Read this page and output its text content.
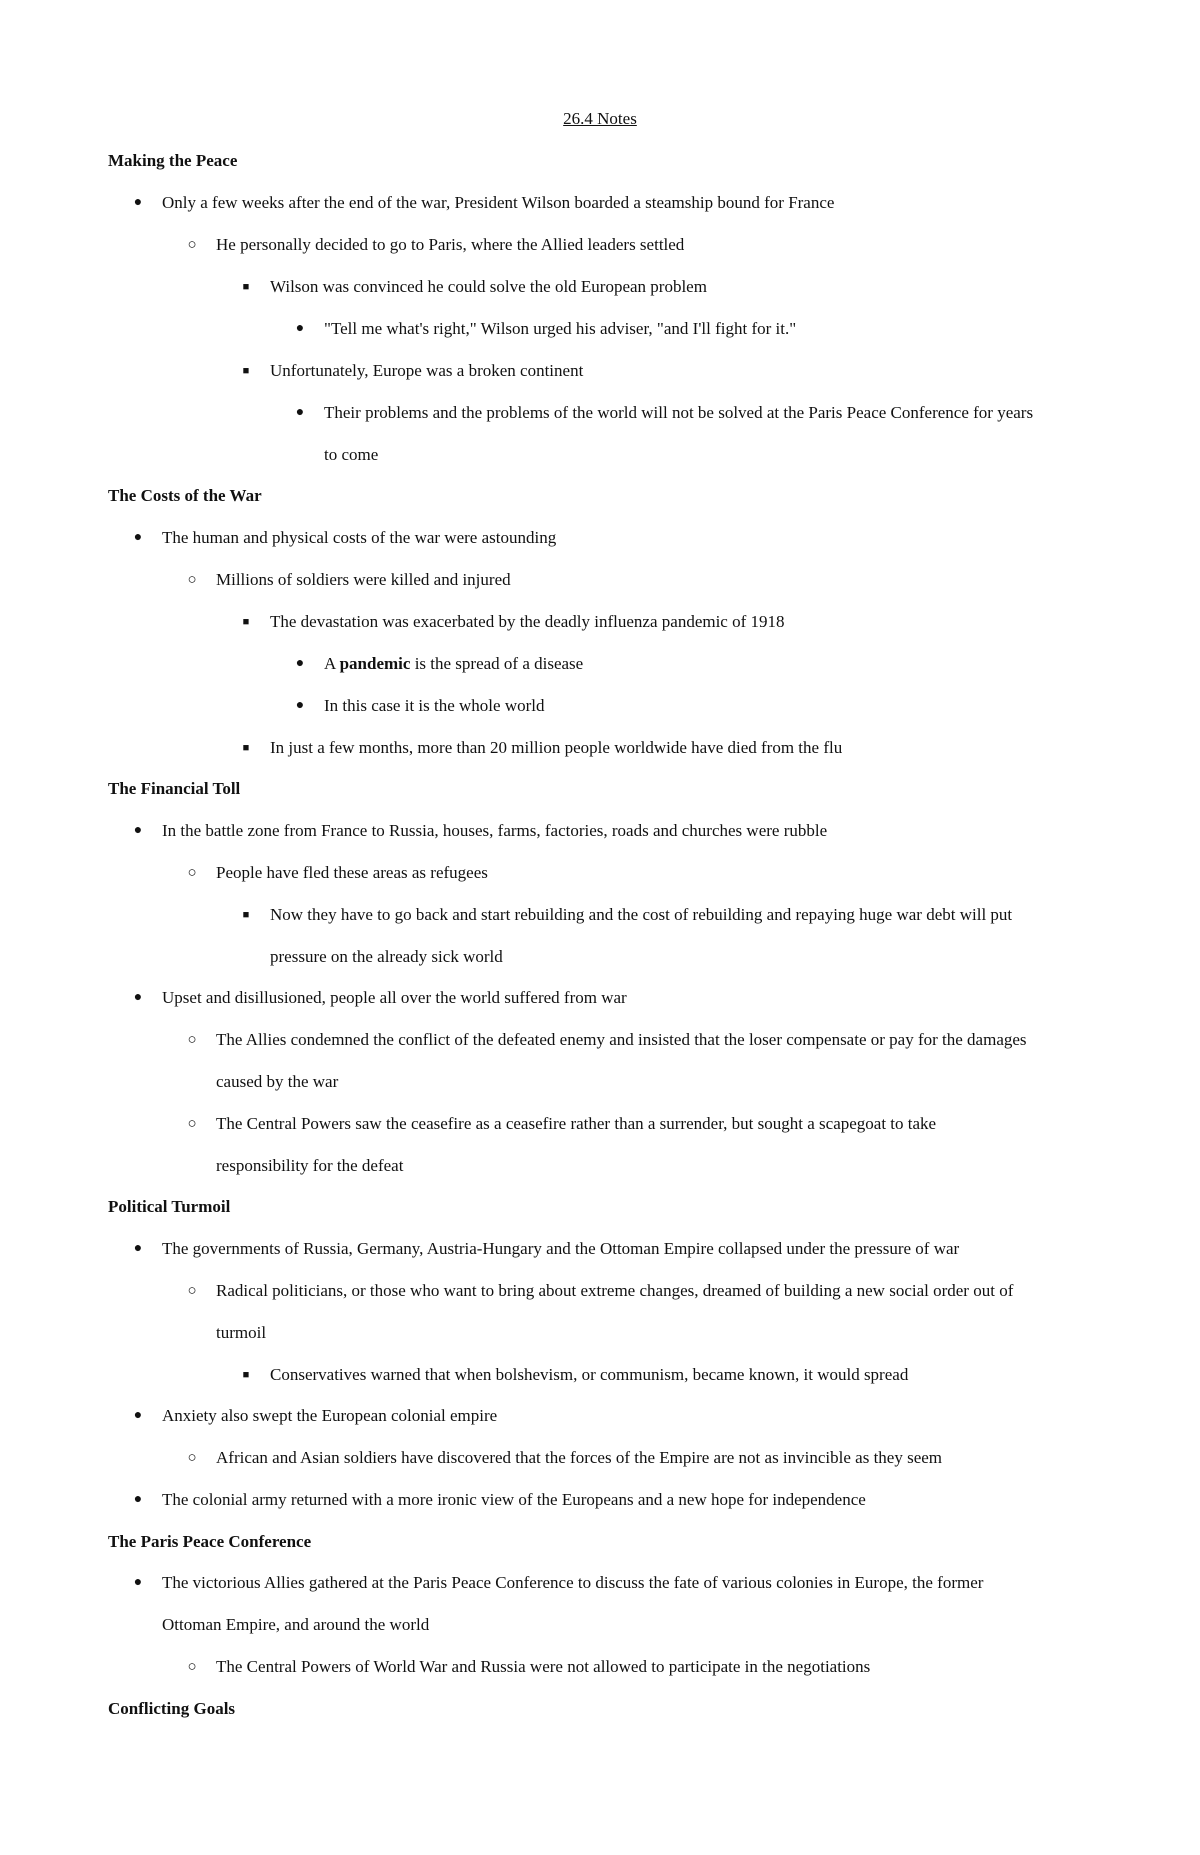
26.4 Notes
Making the Peace
●	Only a few weeks after the end of the war, President Wilson boarded a steamship bound for France
○	He personally decided to go to Paris, where the Allied leaders settled
■	Wilson was convinced he could solve the old European problem
●	"Tell me what's right," Wilson urged his adviser, "and I'll fight for it."
■	Unfortunately, Europe was a broken continent
●	Their problems and the problems of the world will not be solved at the Paris Peace Conference for years
to come
The Costs of the War
●	The human and physical costs of the war were astounding
○	Millions of soldiers were killed and injured
■	The devastation was exacerbated by the deadly influenza pandemic of 1918
●	A pandemic is the spread of a disease
●	In this case it is the whole world
■	In just a few months, more than 20 million people worldwide have died from the flu
The Financial Toll
●	In the battle zone from France to Russia, houses, farms, factories, roads and churches were rubble
○	People have fled these areas as refugees
■	Now they have to go back and start rebuilding and the cost of rebuilding and repaying huge war debt will put
pressure on the already sick world
●	Upset and disillusioned, people all over the world suffered from war
○	The Allies condemned the conflict of the defeated enemy and insisted that the loser compensate or pay for the damages
caused by the war
○	The Central Powers saw the ceasefire as a ceasefire rather than a surrender, but sought a scapegoat to take
responsibility for the defeat
Political Turmoil
●	The governments of Russia, Germany, Austria-Hungary and the Ottoman Empire collapsed under the pressure of war
○	Radical politicians, or those who want to bring about extreme changes, dreamed of building a new social order out of
turmoil
■	Conservatives warned that when bolshevism, or communism, became known, it would spread
●	Anxiety also swept the European colonial empire
○	African and Asian soldiers have discovered that the forces of the Empire are not as invincible as they seem
●	The colonial army returned with a more ironic view of the Europeans and a new hope for independence
The Paris Peace Conference
●	The victorious Allies gathered at the Paris Peace Conference to discuss the fate of various colonies in Europe, the former
Ottoman Empire, and around the world
○	The Central Powers of World War and Russia were not allowed to participate in the negotiations
Conflicting Goals
